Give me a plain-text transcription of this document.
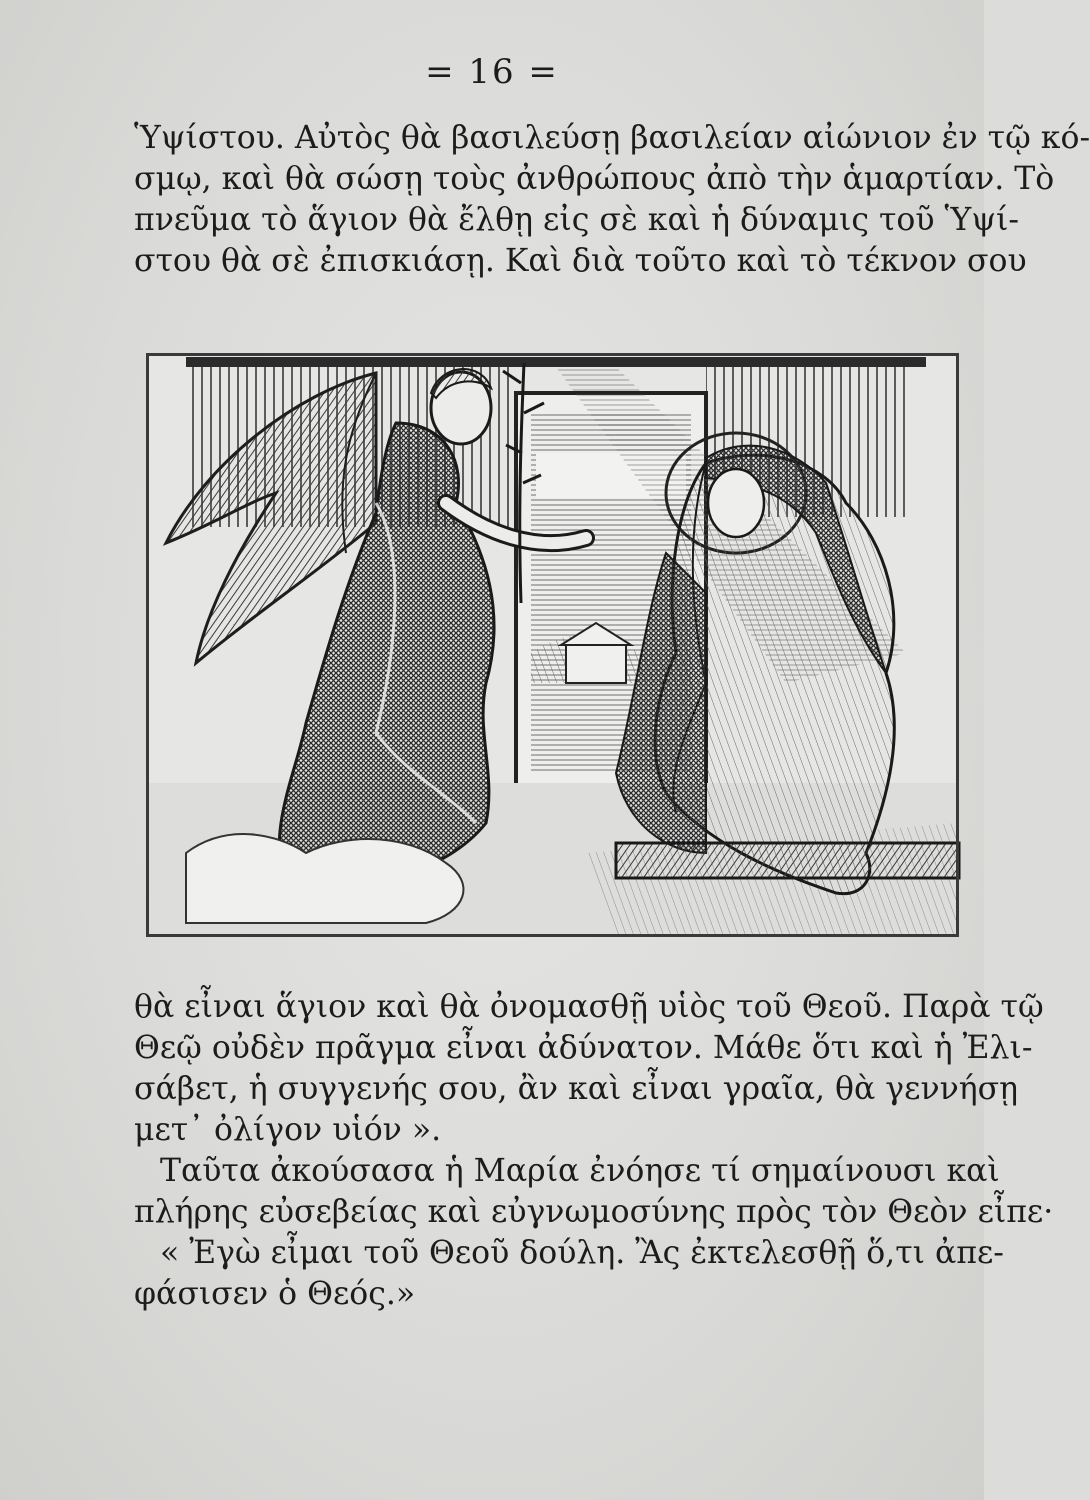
= 16 =
Ὑψίστου. Αὐτὸς θὰ βασιλεύσῃ βασιλείαν αἰώνιον ἐν τῷ κό-
σμῳ, καὶ θὰ σώσῃ τοὺς ἀνθρώπους ἀπὸ τὴν ἁμαρτίαν. Τὸ
πνεῦμα τὸ ἅγιον θὰ ἔλθῃ εἰς σὲ καὶ ἡ δύναμις τοῦ Ὑψί-
στου θὰ σὲ ἐπισκιάσῃ. Καὶ διὰ τοῦτο καὶ τὸ τέκνον σου
θὰ εἶναι ἅγιον καὶ θὰ ὀνομασθῇ υἱὸς τοῦ Θεοῦ. Παρὰ τῷ
Θεῷ οὐδὲν πρᾶγμα εἶναι ἀδύνατον. Μάθε ὅτι καὶ ἡ Ἐλι-
σάβετ, ἡ συγγενής σου, ἂν καὶ εἶναι γραῖα, θὰ γεννήσῃ
μετ᾿ ὀλίγον υἱόν ».
Ταῦτα ἀκούσασα ἡ Μαρία ἐνόησε τί σημαίνουσι καὶ
πλήρης εὐσεβείας καὶ εὐγνωμοσύνης πρὸς τὸν Θεὸν εἶπε·
« Ἐγὼ εἶμαι τοῦ Θεοῦ δούλη. Ἂς ἐκτελεσθῇ ὅ,τι ἀπε-
φάσισεν ὁ Θεός.»
